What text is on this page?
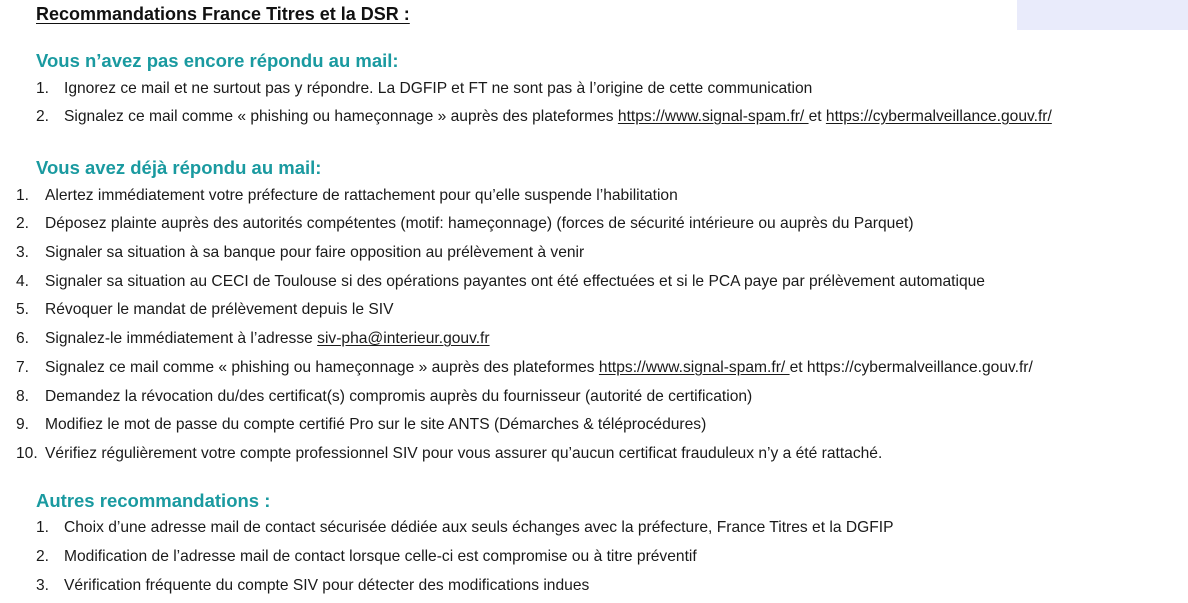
Recommandations France Titres et la DSR :
Vous n’avez pas encore répondu au mail:
1. Ignorez ce mail et ne surtout pas y répondre. La DGFIP et FT ne sont pas à l’origine de cette communication
2. Signalez ce mail comme « phishing ou hameçonnage » auprès des plateformes https://www.signal-spam.fr/ et https://cybermalveillance.gouv.fr/
Vous avez déjà répondu au mail:
1. Alertez immédiatement votre préfecture de rattachement pour qu’elle suspende l’habilitation
2. Déposez plainte auprès des autorités compétentes (motif: hameçonnage) (forces de sécurité intérieure ou auprès du Parquet)
3. Signaler sa situation à sa banque pour faire opposition au prélèvement à venir
4. Signaler sa situation au CECI de Toulouse si des opérations payantes ont été effectuées et si le PCA paye par prélèvement automatique
5. Révoquer le mandat de prélèvement depuis le SIV
6. Signalez-le immédiatement à l’adresse siv-pha@interieur.gouv.fr
7. Signalez ce mail comme « phishing ou hameçonnage » auprès des plateformes https://www.signal-spam.fr/ et https://cybermalveillance.gouv.fr/
8. Demandez la révocation du/des certificat(s) compromis auprès du fournisseur (autorité de certification)
9. Modifiez le mot de passe du compte certifié Pro sur le site ANTS (Démarches & téléprocédures)
10. Vérifiez régulièrement votre compte professionnel SIV pour vous assurer qu’aucun certificat frauduleux n’y a été rattaché.
Autres recommandations :
1. Choix d’une adresse mail de contact sécurisée dédiée aux seuls échanges avec la préfecture, France Titres et la DGFIP
2. Modification de l’adresse mail de contact lorsque celle-ci est compromise ou à titre préventif
3. Vérification fréquente du compte SIV pour détecter des modifications indues
